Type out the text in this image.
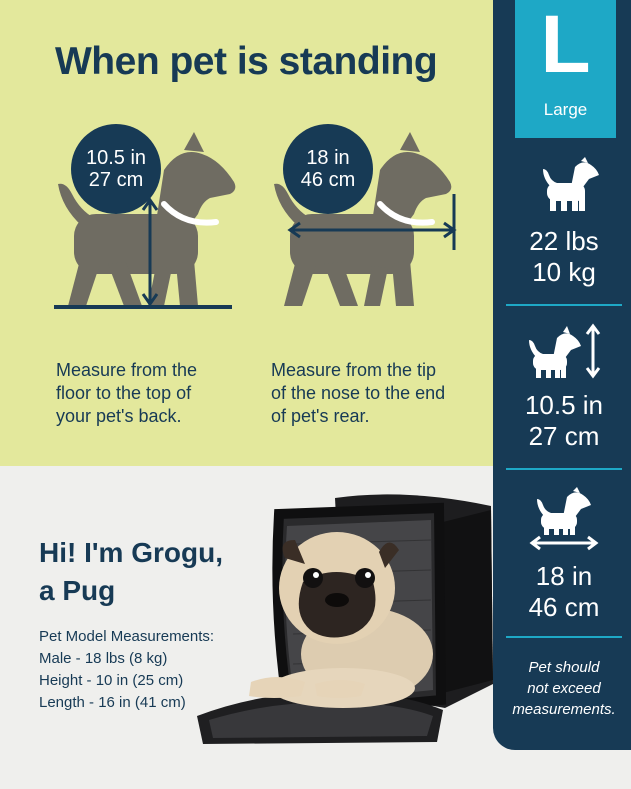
When pet is standing
10.5 in
27 cm
18 in
46 cm
Measure from the
floor to the top of
your pet's back.
Measure from the tip
of the nose to the end
of pet's rear.
L
Large
22 lbs
10 kg
10.5 in
27 cm
18 in
46 cm
Pet should
not exceed
measurements.
Hi! I'm Grogu,
a Pug
Pet Model Measurements:
Male - 18 lbs (8 kg)
Height - 10 in (25 cm)
Length - 16 in (41 cm)
